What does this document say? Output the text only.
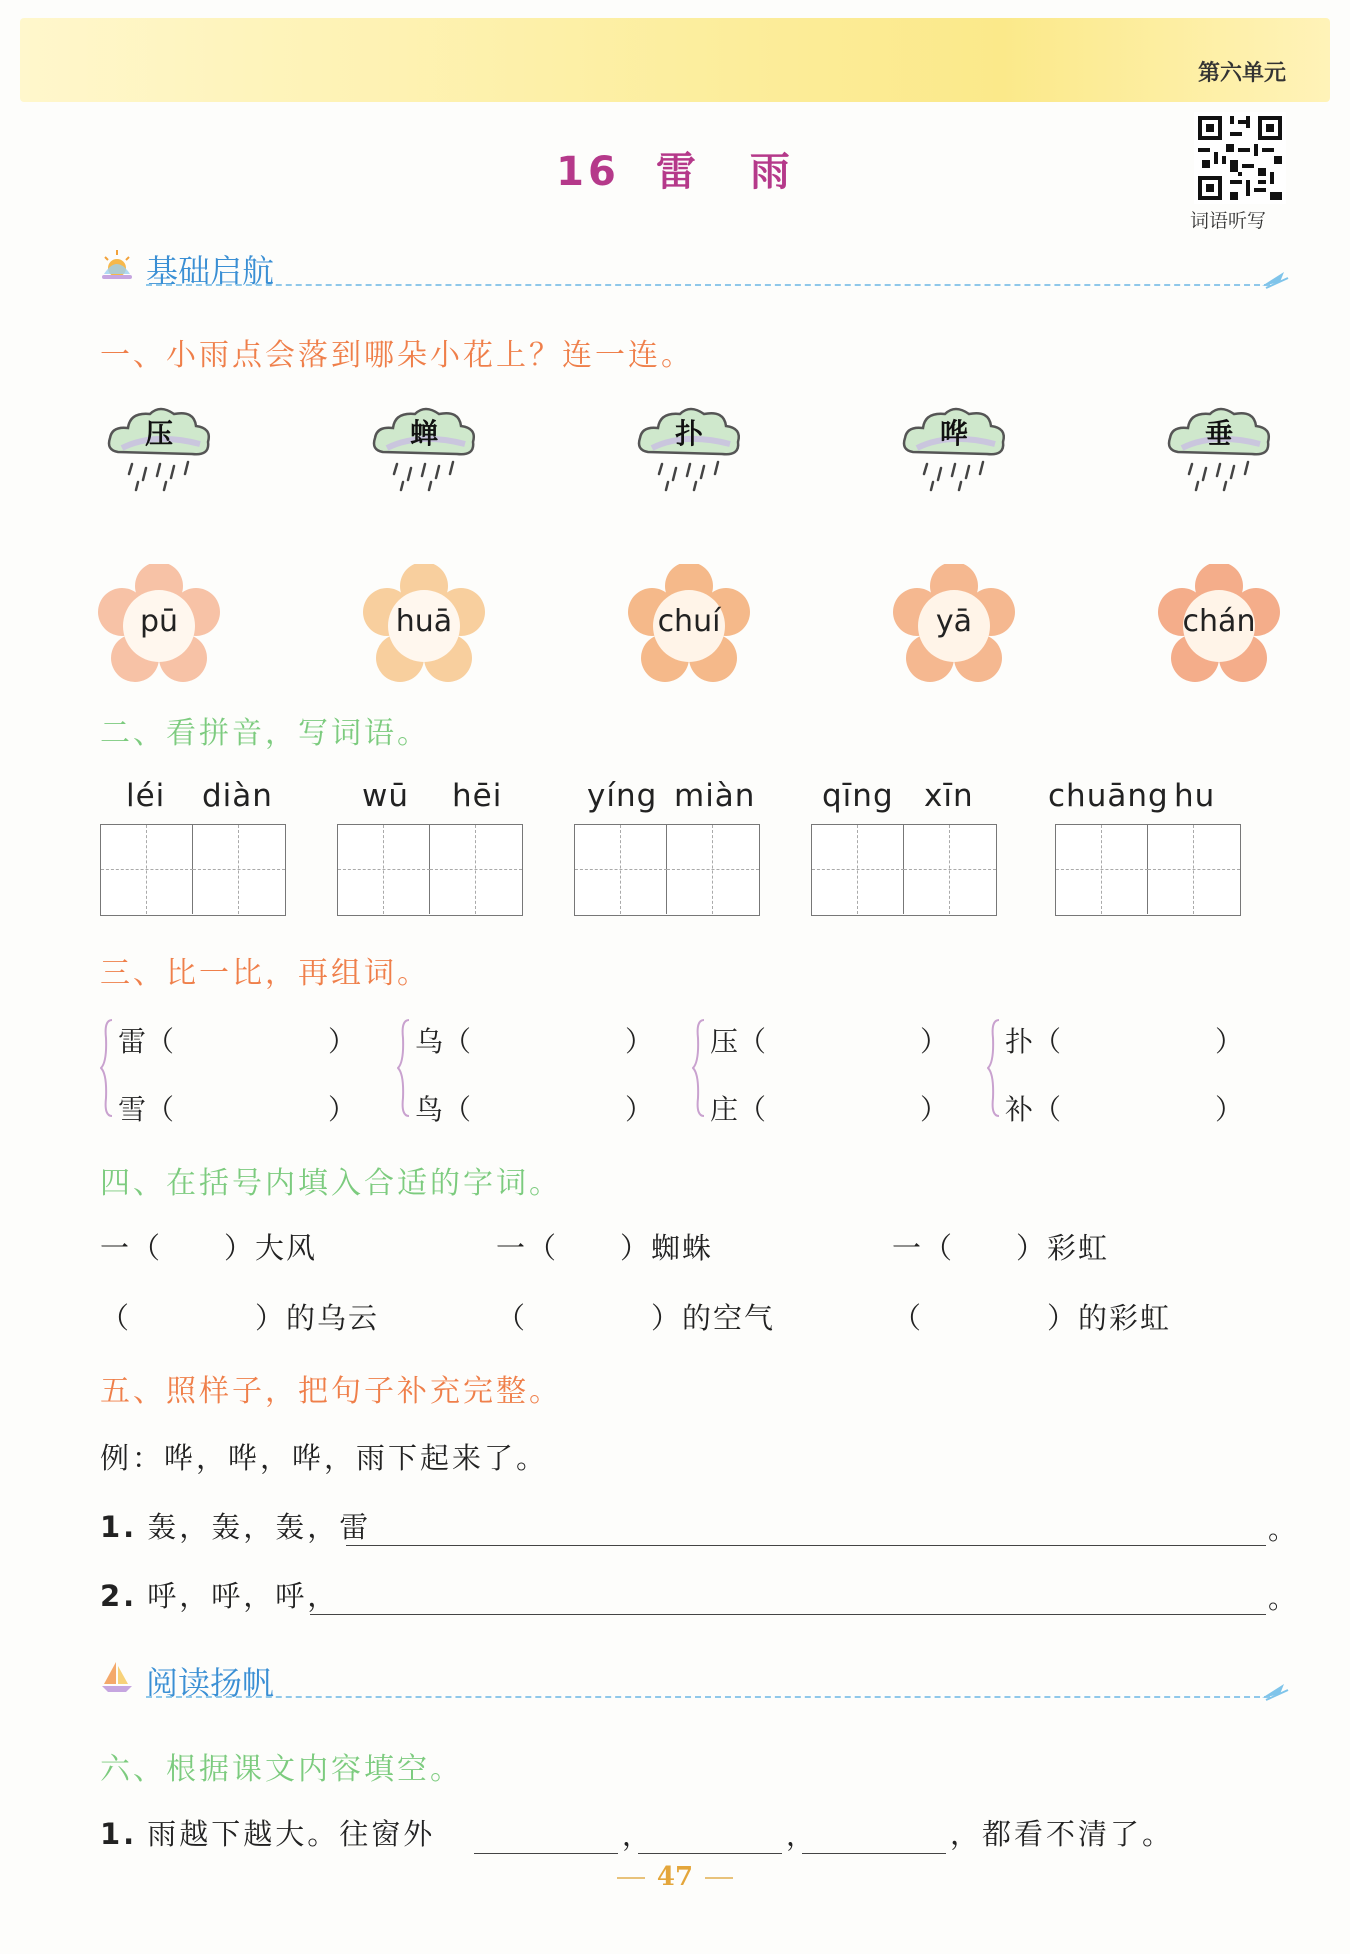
第六单元
词语听写
16 雷 雨
基础启航
一、小雨点会落到哪朵小花上？连一连。
压	蝉	扑	哗	垂
pū	huā	chuí	yā	chán
二、看拼音，写词语。
léi diàn	wū hēi	yíng miàn qīng xīn chuāng hu
三、比一比，再组词。
雷（	）
雪（	）
乌（	）
鸟（	）
压（	）
庄（	）
扑（	）
补（	）
四、在括号内填入合适的字词。
一（　　）大风	一（　　）蜘蛛	一（　　）彩虹
（　　　　）的乌云	（　　　　）的空气	（　　　　）的彩虹
五、照样子，把句子补充完整。
例：哗，哗，哗，雨下起来了。
1. 轰，轰，轰，雷	。
2. 呼，呼，呼，	。
阅读扬帆
六、根据课文内容填空。
1. 雨越下越大。往窗外	，	，	，都看不清了。
47
